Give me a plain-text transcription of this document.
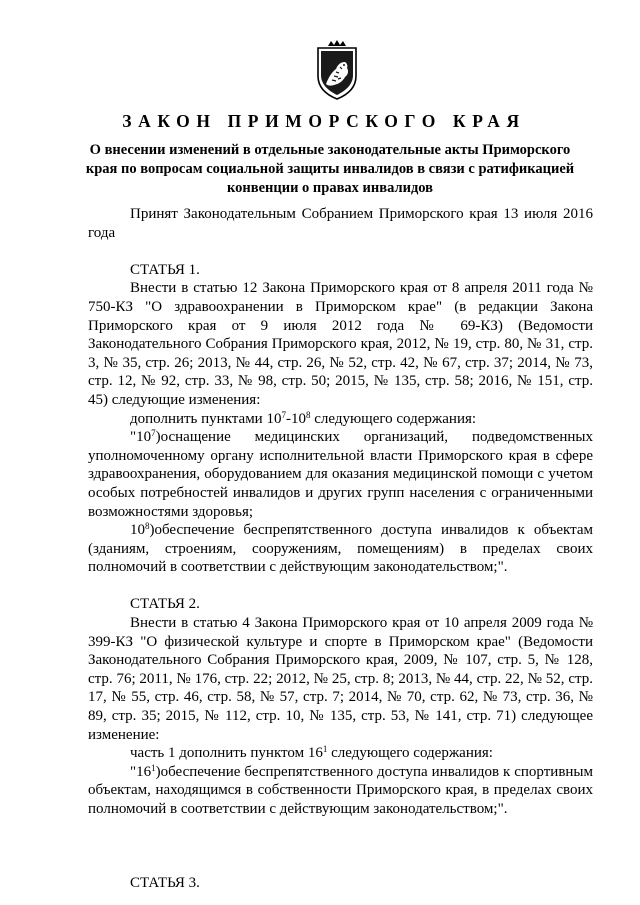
ЗАКОН ПРИМОРСКОГО КРАЯ

О внесении изменений в отдельные законодательные акты Приморского края по вопросам социальной защиты инвалидов в связи с ратификацией конвенции о правах инвалидов

Принят Законодательным Собранием Приморского края 13 июля 2016 года

СТАТЬЯ 1.

Внести в статью 12 Закона Приморского края от 8 апреля 2011 года № 750-КЗ "О здравоохранении в Приморском крае" (в редакции Закона Приморского края от 9 июля 2012 года № 69-КЗ) (Ведомости Законодательного Собрания Приморского края, 2012, № 19, стр. 80, № 31, стр. 3, № 35, стр. 26; 2013, № 44, стр. 26, № 52, стр. 42, № 67, стр. 37; 2014, № 73, стр. 12, № 92, стр. 33, № 98, стр. 50; 2015, № 135, стр. 58; 2016, № 151, стр. 45) следующие изменения:

дополнить пунктами $10^7-10^8$ следующего содержания:

"$10^7)оснащение$ медицинских организаций, подведомственных уполномоченному органу исполнительной власти Приморского края в сфере здравоохранения, оборудованием для оказания медицинской помощи с учетом особых потребностей инвалидов и других групп населения с ограниченными возможностями здоровья;

$10^8)обеспечение$ беспрепятственного доступа инвалидов к объектам (зданиям, строениям, сооружениям, помещениям) в пределах своих полномочий в соответствии с действующим законодательством;".

СТАТЬЯ 2.

Внести в статью 4 Закона Приморского края от 10 апреля 2009 года № 399-КЗ "О физической культуре и спорте в Приморском крае" (Ведомости Законодательного Собрания Приморского края, 2009, № 107, стр. 5, № 128, стр. 76; 2011, № 176, стр. 22; 2012, № 25, стр. 8; 2013, № 44, стр. 22, № 52, стр. 17, № 55, стр. 46, стр. 58, № 57, стр. 7; 2014, № 70, стр. 62, № 73, стр. 36, № 89, стр. 35; 2015, № 112, стр. 10, № 135, стр. 53, № 141, стр. 71) следующее изменение:

часть 1 дополнить пунктом $16^1$ следующего содержания:

"$16^1)обеспечение$ беспрепятственного доступа инвалидов к спортивным объектам, находящимся в собственности Приморского края, в пределах своих полномочий в соответствии с действующим законодательством;".

СТАТЬЯ 3.
